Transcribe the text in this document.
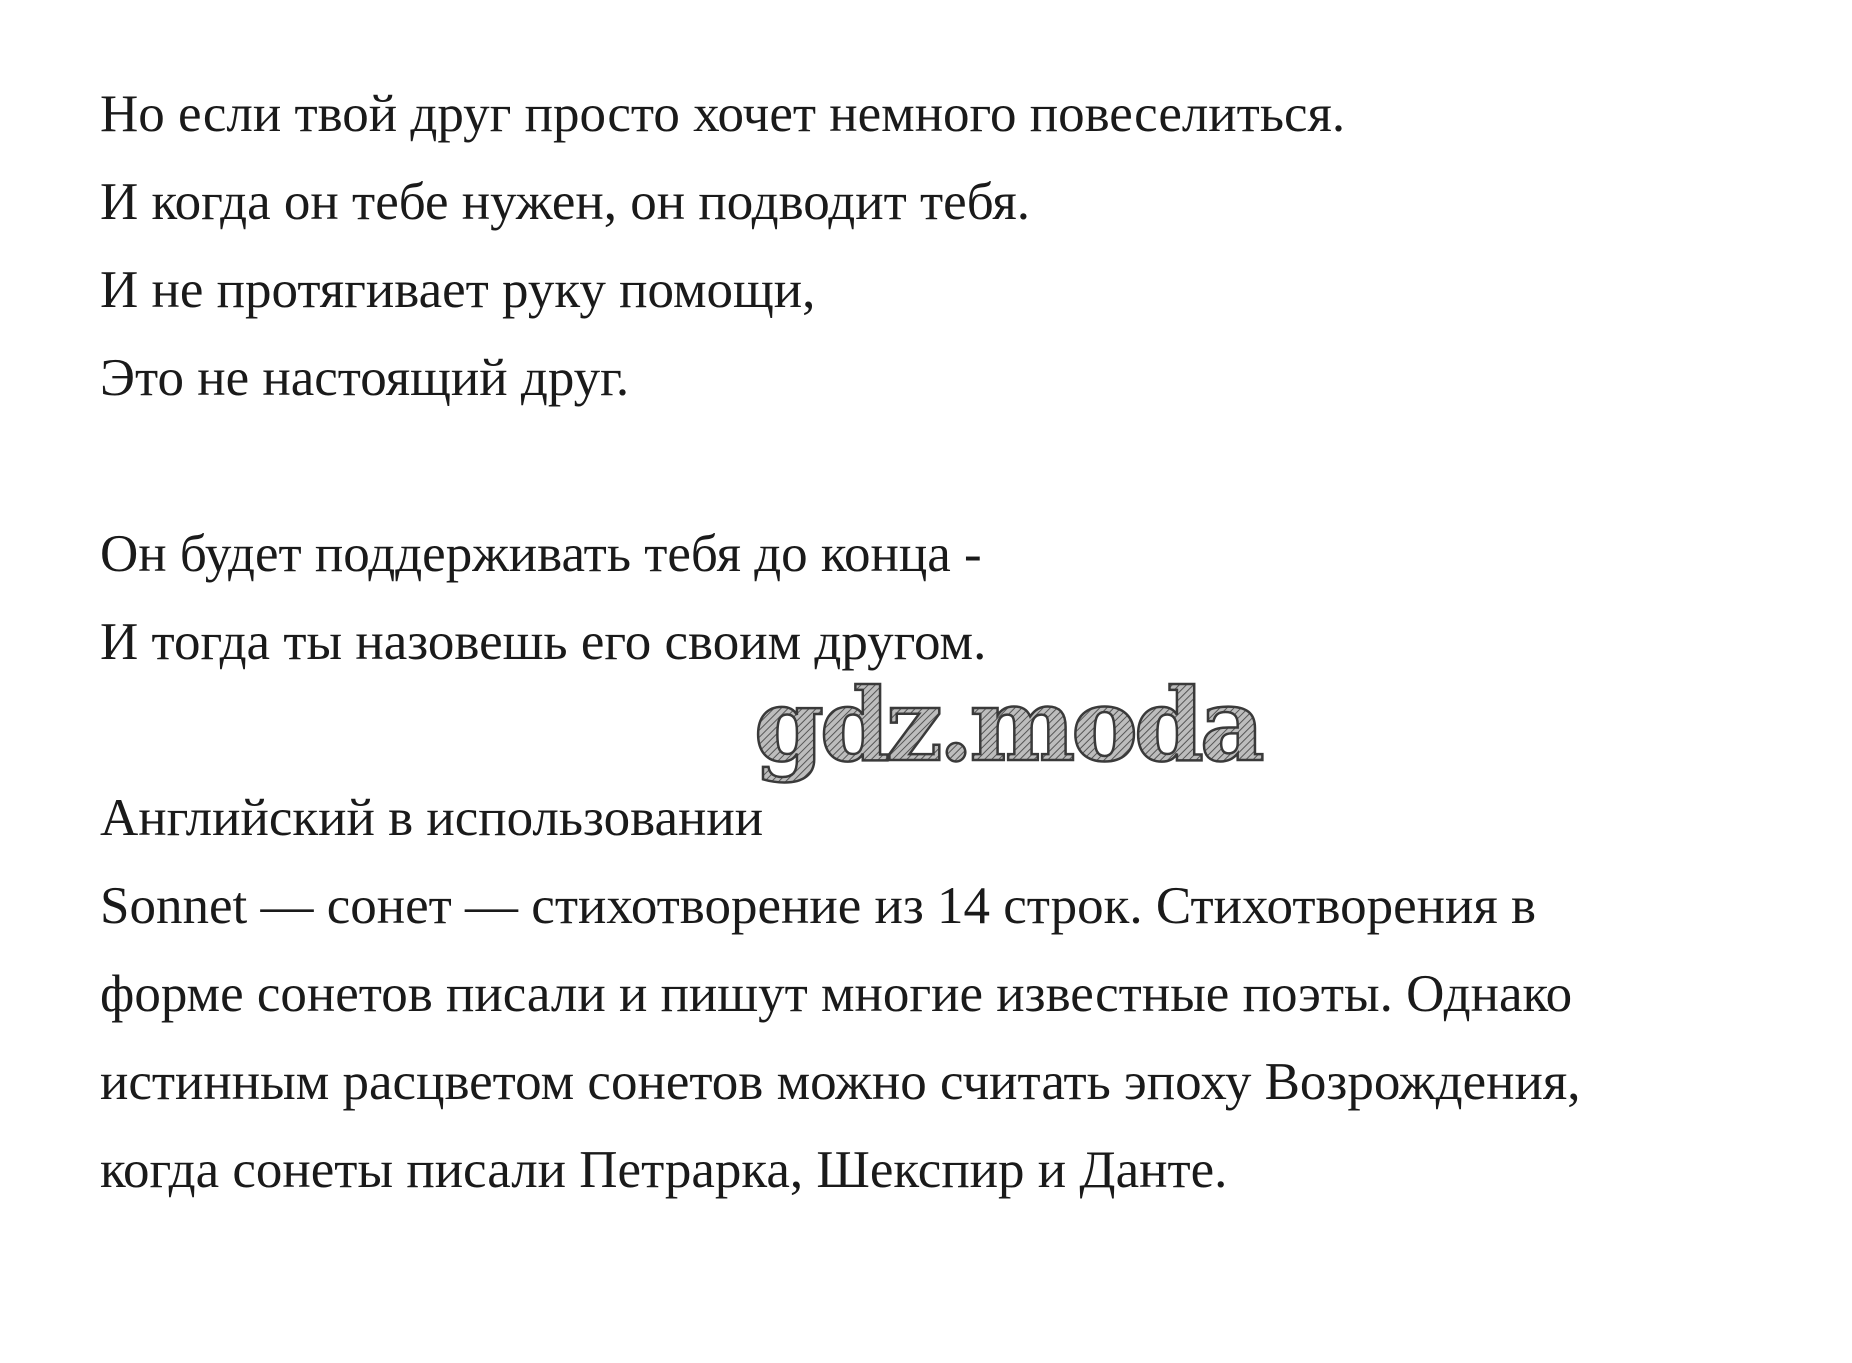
Но если твой друг просто хочет немного повеселиться.
И когда он тебе нужен, он подводит тебя.
И не протягивает руку помощи,
Это не настоящий друг.
Он будет поддерживать тебя до конца -
И тогда ты назовешь его своим другом.
gdz.moda
Английский в использовании
Sonnet — сонет — стихотворение из 14 строк. Стихотворения в
форме сонетов писали и пишут многие известные поэты. Однако
истинным расцветом сонетов можно считать эпоху Возрождения,
когда сонеты писали Петрарка, Шекспир и Данте.
